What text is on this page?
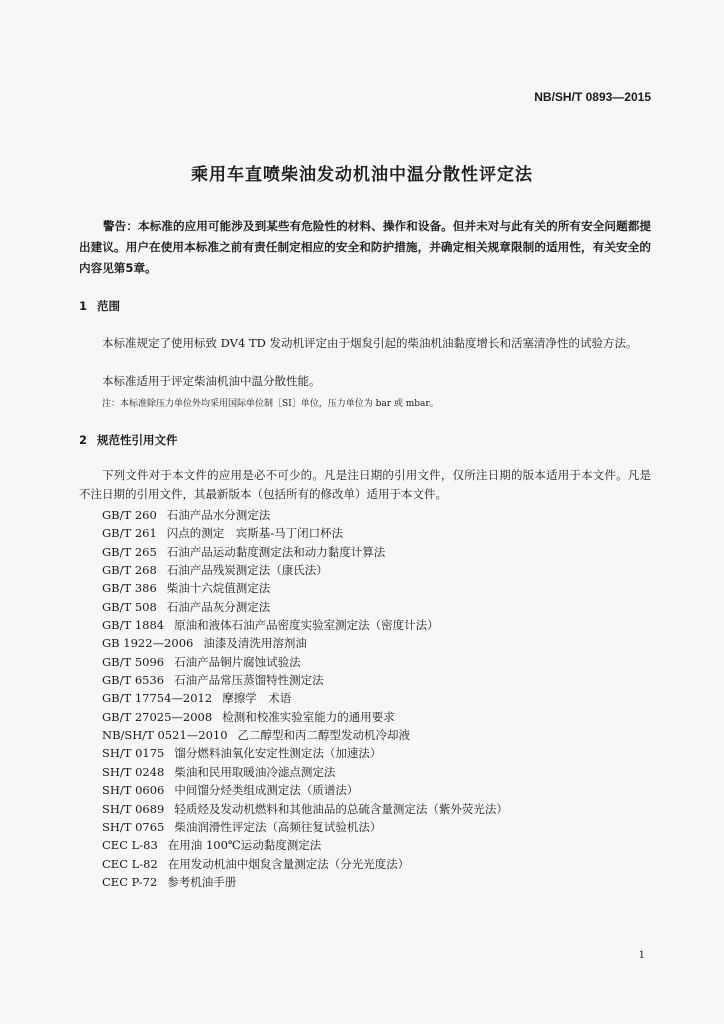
NB/SH/T 0893—2015
乘用车直喷柴油发动机油中温分散性评定法
警告：本标准的应用可能涉及到某些有危险性的材料、操作和设备。但并未对与此有关的所有安全问题都提出建议。用户在使用本标准之前有责任制定相应的安全和防护措施，并确定相关规章限制的适用性，有关安全的内容见第5章。
1 范围
本标准规定了使用标致 DV4 TD 发动机评定由于烟炱引起的柴油机油黏度增长和活塞清净性的试验方法。
本标准适用于评定柴油机油中温分散性能。
注：本标准除压力单位外均采用国际单位制［SI］单位，压力单位为 bar 或 mbar。
2 规范性引用文件
下列文件对于本文件的应用是必不可少的。凡是注日期的引用文件，仅所注日期的版本适用于本文件。凡是不注日期的引用文件，其最新版本（包括所有的修改单）适用于本文件。
GB/T 260 石油产品水分测定法
GB/T 261 闪点的测定　宾斯基-马丁闭口杯法
GB/T 265 石油产品运动黏度测定法和动力黏度计算法
GB/T 268 石油产品残炭测定法（康氏法）
GB/T 386 柴油十六烷值测定法
GB/T 508 石油产品灰分测定法
GB/T 1884 原油和液体石油产品密度实验室测定法（密度计法）
GB 1922—2006 油漆及清洗用溶剂油
GB/T 5096 石油产品铜片腐蚀试验法
GB/T 6536 石油产品常压蒸馏特性测定法
GB/T 17754—2012 摩擦学　术语
GB/T 27025—2008 检测和校准实验室能力的通用要求
NB/SH/T 0521—2010 乙二醇型和丙二醇型发动机冷却液
SH/T 0175 馏分燃料油氧化安定性测定法（加速法）
SH/T 0248 柴油和民用取暖油冷滤点测定法
SH/T 0606 中间馏分烃类组成测定法（质谱法）
SH/T 0689 轻质烃及发动机燃料和其他油品的总硫含量测定法（紫外荧光法）
SH/T 0765 柴油润滑性评定法（高频往复试验机法）
CEC L-83 在用油 100℃运动黏度测定法
CEC L-82 在用发动机油中烟炱含量测定法（分光光度法）
CEC P-72 参考机油手册
1
